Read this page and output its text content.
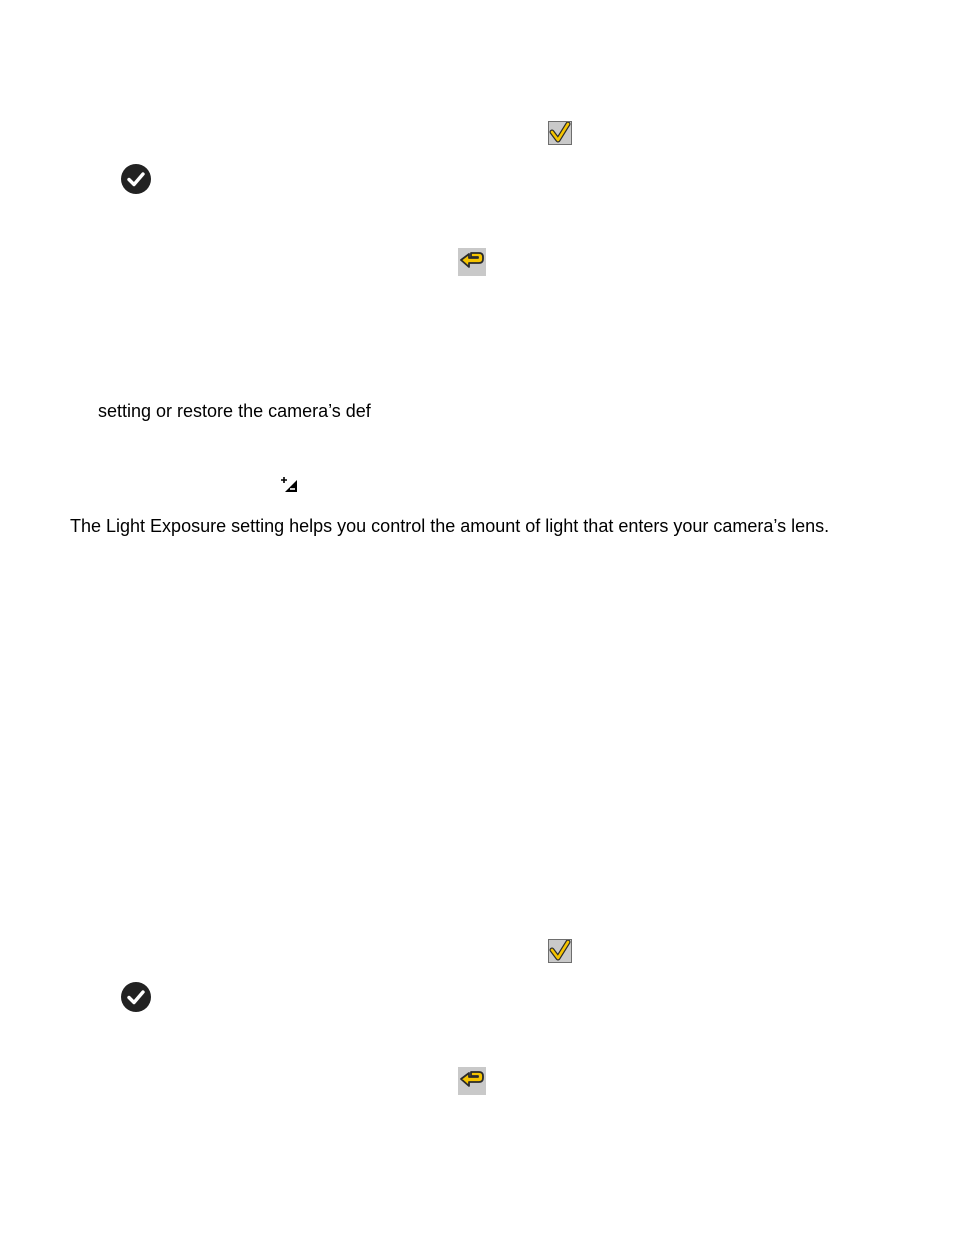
setting or restore the camera’s def
The Light Exposure setting helps you control the amount of light that enters your camera’s lens.
